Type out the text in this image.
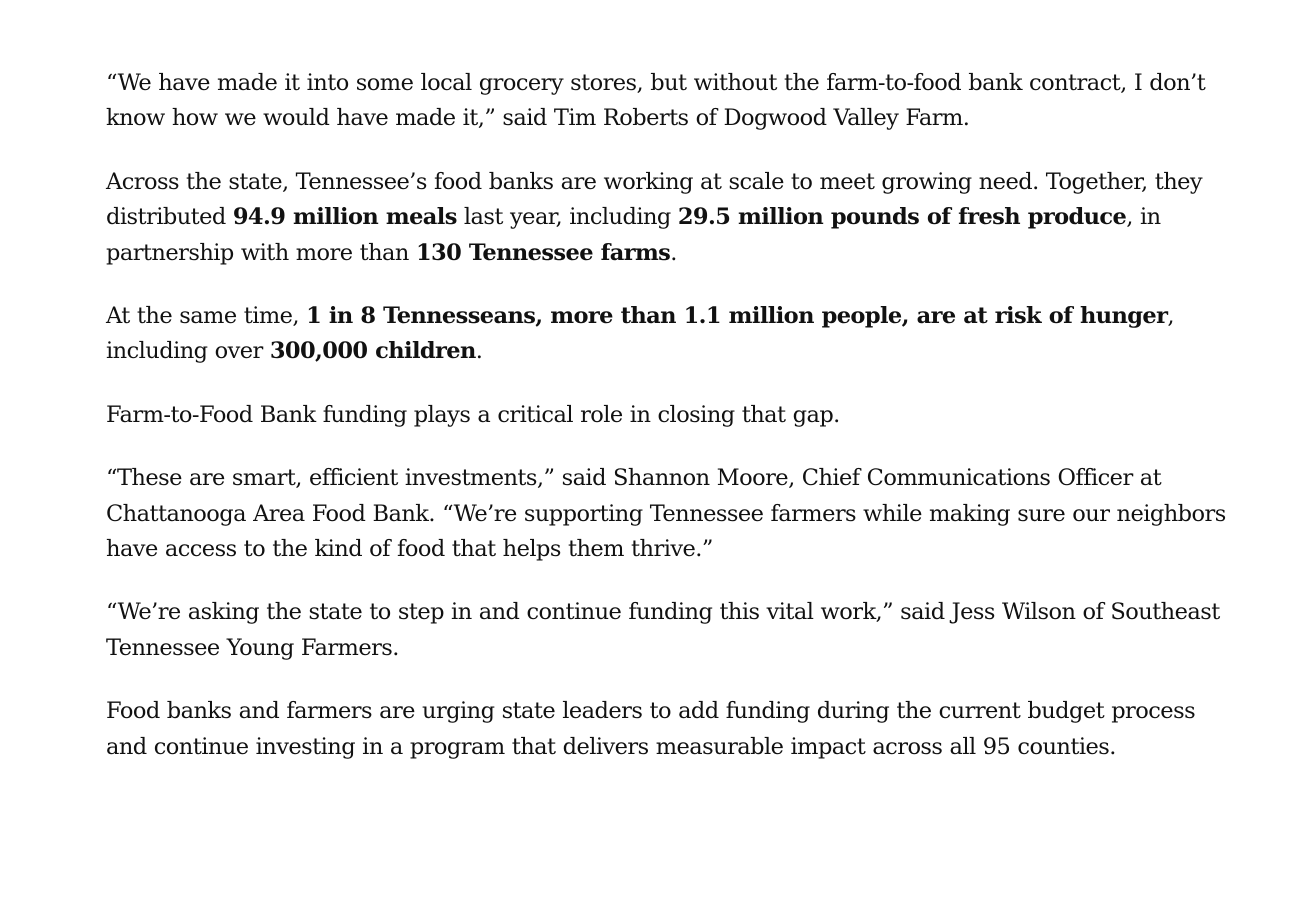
“We have made it into some local grocery stores, but without the farm-to-food bank contract, I don’t know how we would have made it,” said Tim Roberts of Dogwood Valley Farm.

Across the state, Tennessee’s food banks are working at scale to meet growing need. Together, they distributed 94.9 million meals last year, including 29.5 million pounds of fresh produce, in partnership with more than 130 Tennessee farms.

At the same time, 1 in 8 Tennesseans, more than 1.1 million people, are at risk of hunger, including over 300,000 children.

Farm-to-Food Bank funding plays a critical role in closing that gap.

“These are smart, efficient investments,” said Shannon Moore, Chief Communications Officer at Chattanooga Area Food Bank. “We’re supporting Tennessee farmers while making sure our neighbors have access to the kind of food that helps them thrive.”

“We’re asking the state to step in and continue funding this vital work,” said Jess Wilson of Southeast Tennessee Young Farmers.

Food banks and farmers are urging state leaders to add funding during the current budget process and continue investing in a program that delivers measurable impact across all 95 counties.
